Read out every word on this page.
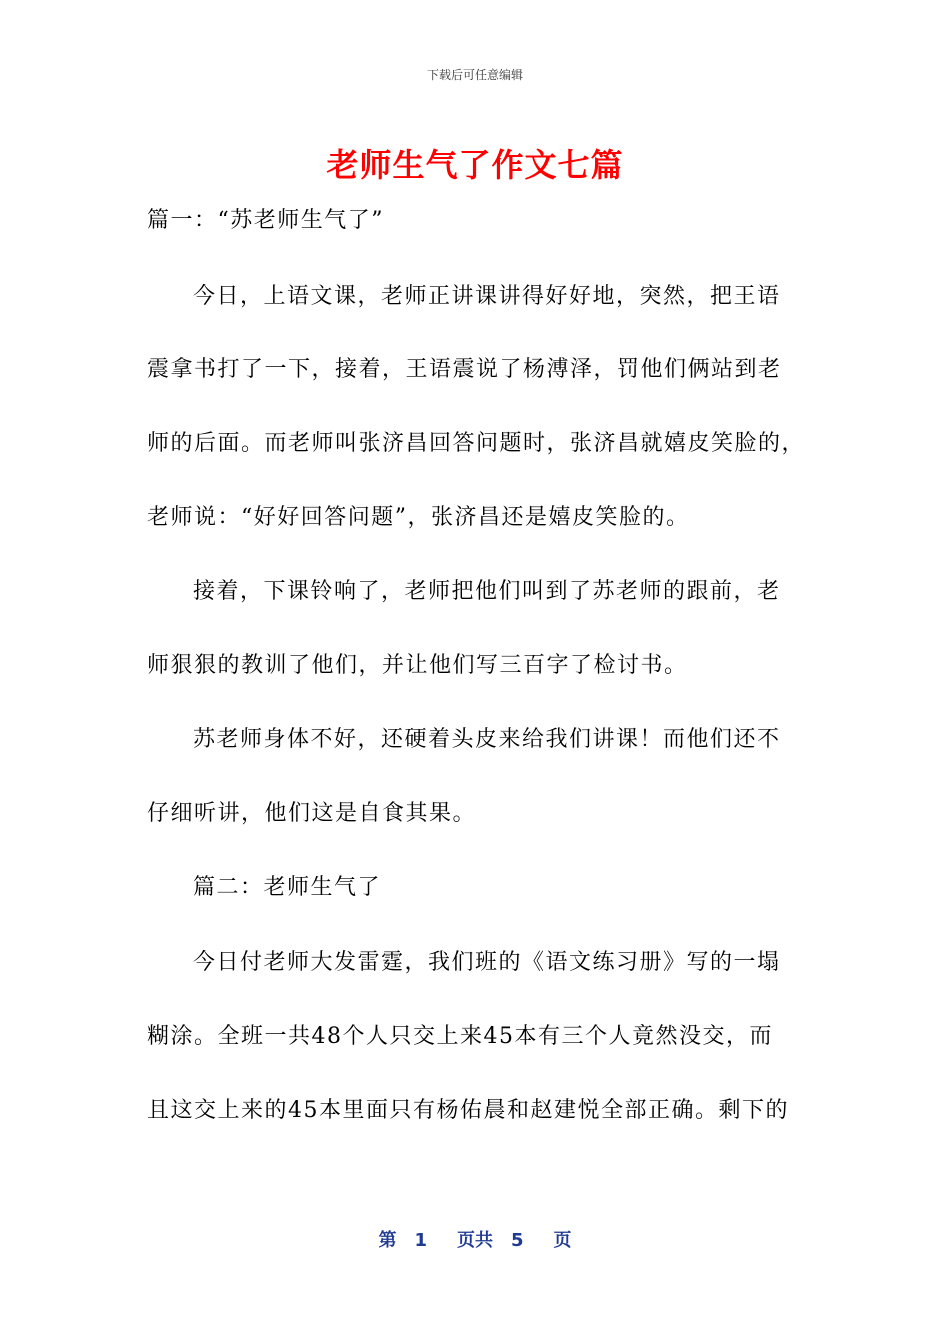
下载后可任意编辑
老师生气了作文七篇
篇一：“苏老师生气了”
今日，上语文课，老师正讲课讲得好好地，突然，把王语
震拿书打了一下，接着，王语震说了杨溥泽，罚他们俩站到老
师的后面。而老师叫张济昌回答问题时，张济昌就嬉皮笑脸的，
老师说：“好好回答问题”，张济昌还是嬉皮笑脸的。
接着，下课铃响了，老师把他们叫到了苏老师的跟前，老
师狠狠的教训了他们，并让他们写三百字了检讨书。
苏老师身体不好，还硬着头皮来给我们讲课！而他们还不
仔细听讲，他们这是自食其果。
篇二：老师生气了
今日付老师大发雷霆，我们班的《语文练习册》写的一塌
糊涂。全班一共48个人只交上来45本有三个人竟然没交，而
且这交上来的45本里面只有杨佑晨和赵建悦全部正确。剩下的
第 1 页共 5 页
